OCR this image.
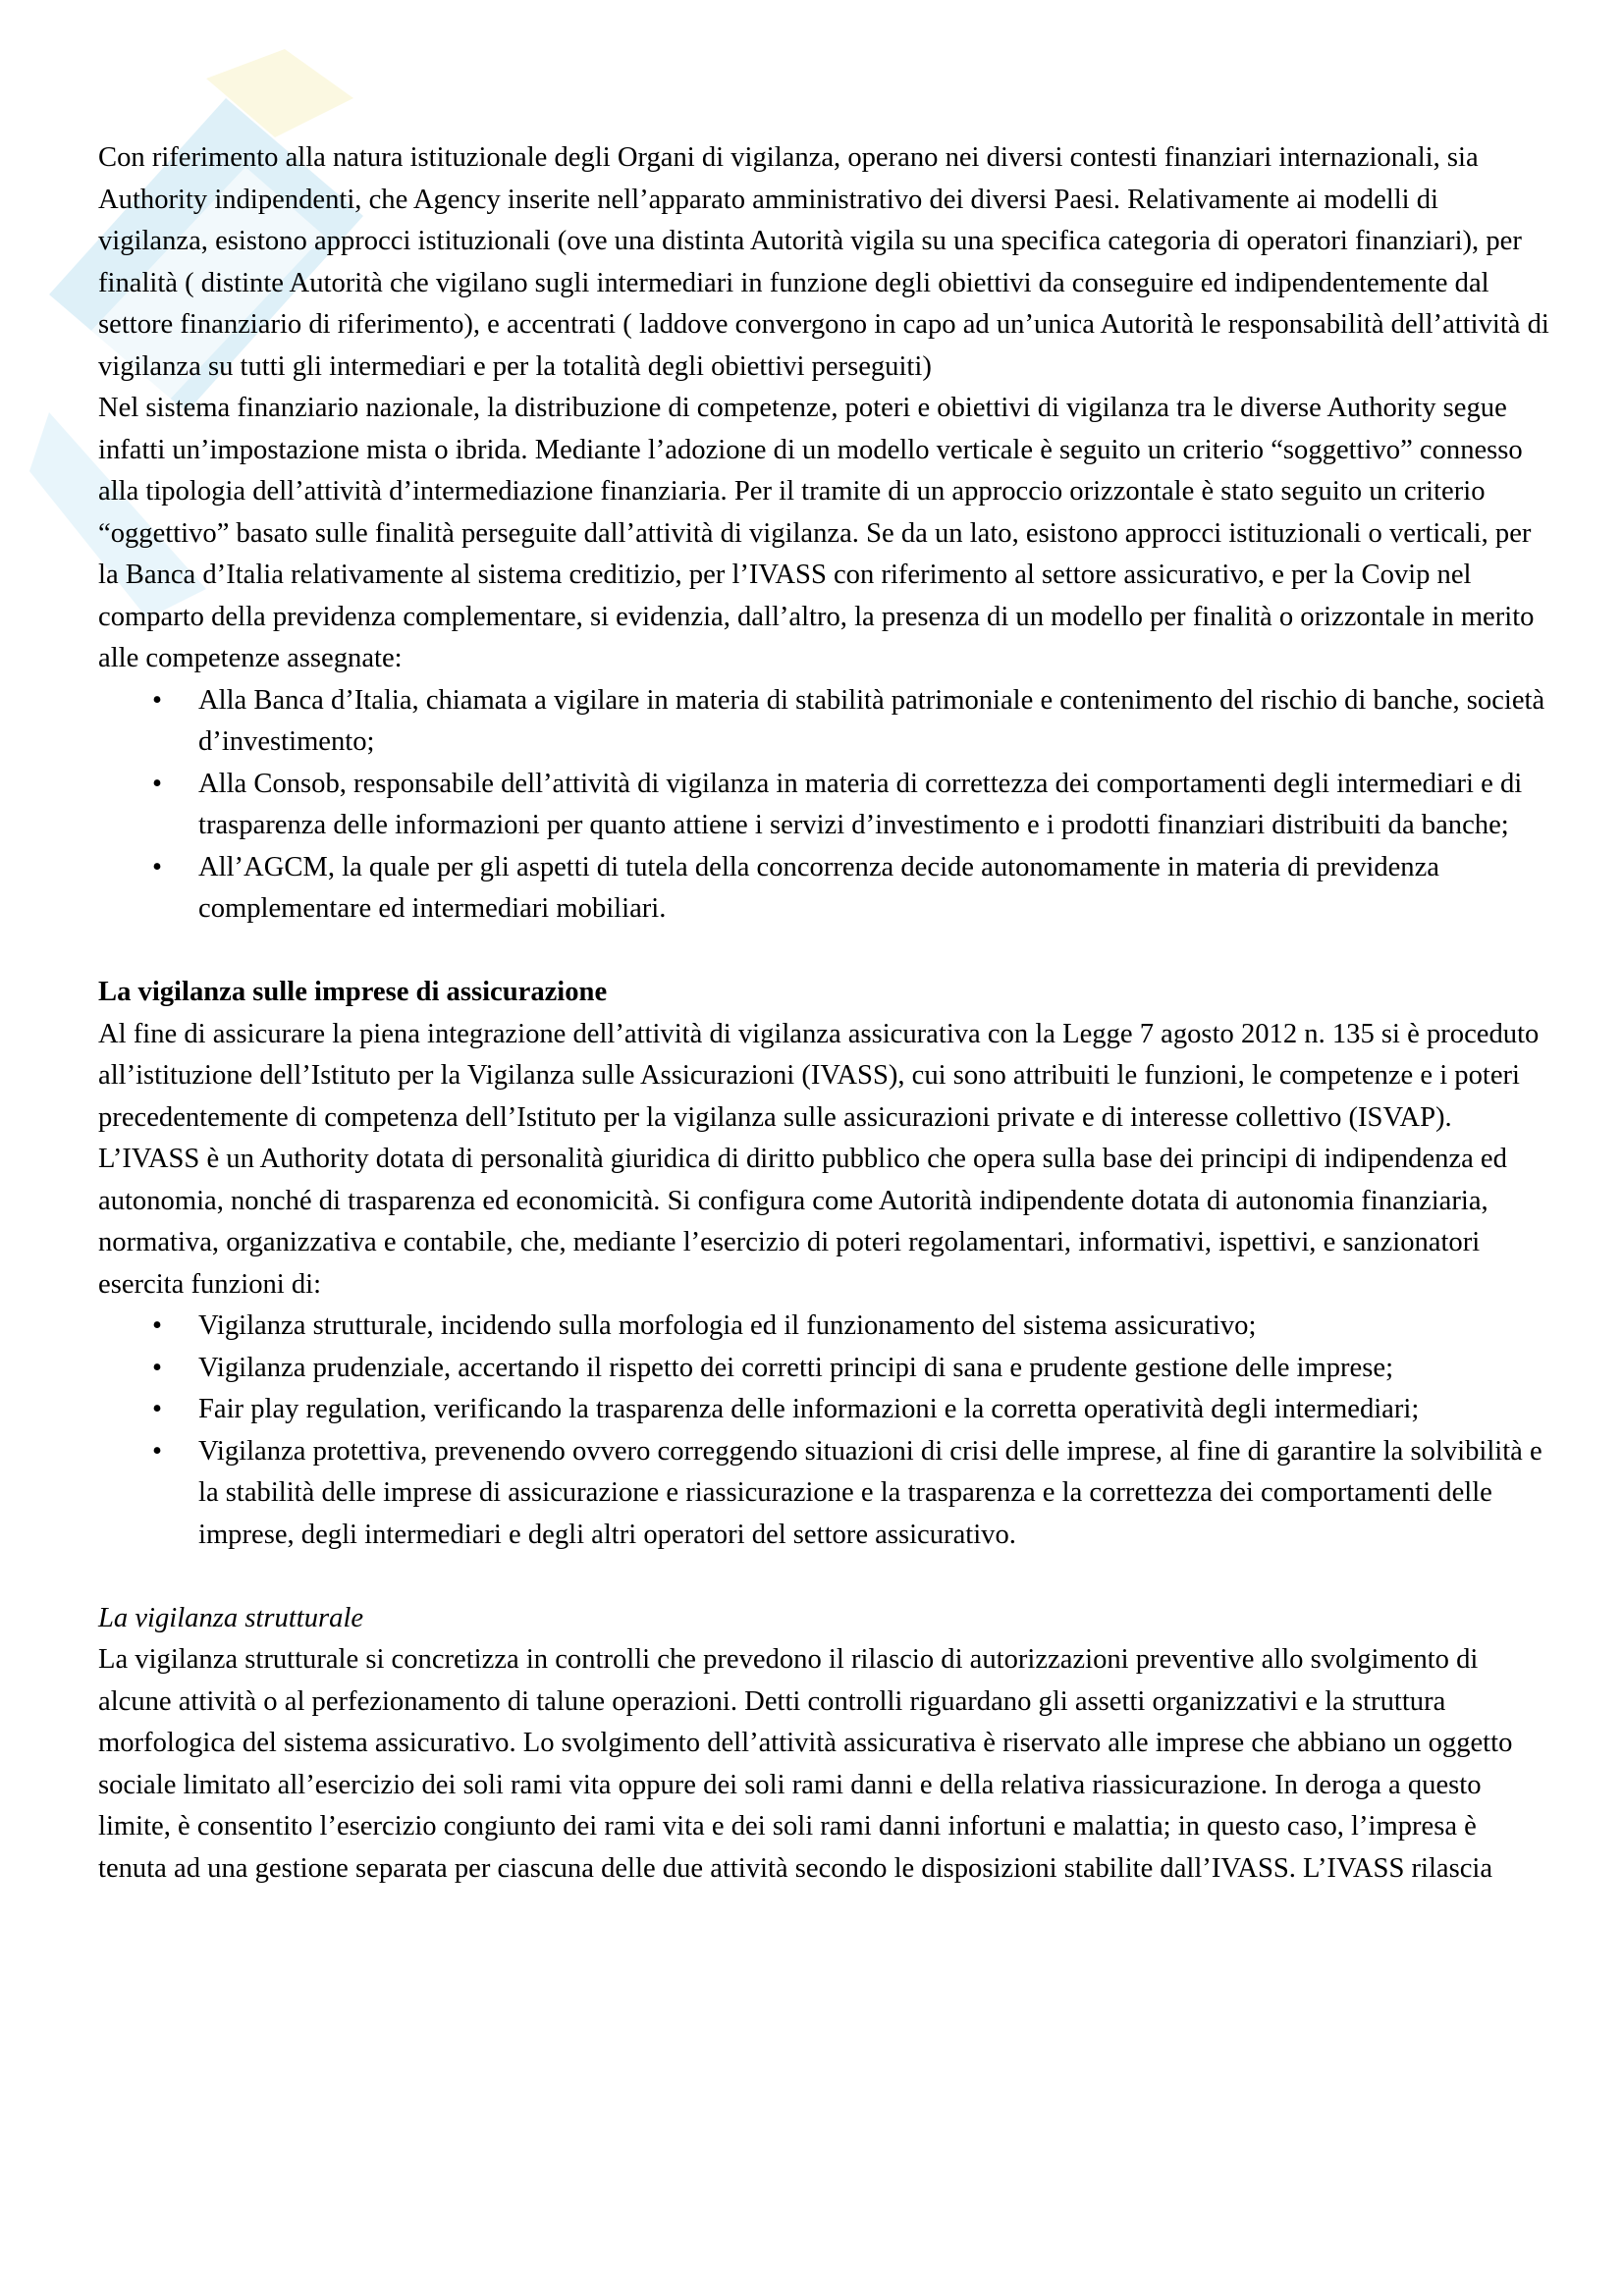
Con riferimento alla natura istituzionale degli Organi di vigilanza, operano nei diversi contesti finanziari internazionali, sia Authority indipendenti, che Agency inserite nell’apparato amministrativo dei diversi Paesi. Relativamente ai modelli di vigilanza, esistono approcci istituzionali (ove una distinta Autorità vigila su una specifica categoria di operatori finanziari), per finalità ( distinte Autorità che vigilano sugli intermediari in funzione degli obiettivi da conseguire ed indipendentemente dal settore finanziario di riferimento), e accentrati ( laddove convergono in capo ad un’unica Autorità le responsabilità dell’attività di vigilanza su tutti gli intermediari e per la totalità degli obiettivi perseguiti)

Nel sistema finanziario nazionale, la distribuzione di competenze, poteri e obiettivi di vigilanza tra le diverse Authority segue infatti un’impostazione mista o ibrida. Mediante l’adozione di un modello verticale è seguito un criterio “soggettivo” connesso alla tipologia dell’attività d’intermediazione finanziaria. Per il tramite di un approccio orizzontale è stato seguito un criterio “oggettivo” basato sulle finalità perseguite dall’attività di vigilanza. Se da un lato, esistono approcci istituzionali o verticali, per la Banca d’Italia relativamente al sistema creditizio, per l’IVASS con riferimento al settore assicurativo, e per la Covip nel comparto della previdenza complementare, si evidenzia, dall’altro, la presenza di un modello per finalità o orizzontale in merito alle competenze assegnate:

• Alla Banca d’Italia, chiamata a vigilare in materia di stabilità patrimoniale e contenimento del rischio di banche, società d’investimento;
• Alla Consob, responsabile dell’attività di vigilanza in materia di correttezza dei comportamenti degli intermediari e di trasparenza delle informazioni per quanto attiene i servizi d’investimento e i prodotti finanziari distribuiti da banche;
• All’AGCM, la quale per gli aspetti di tutela della concorrenza decide autonomamente in materia di previdenza complementare ed intermediari mobiliari.

La vigilanza sulle imprese di assicurazione

Al fine di assicurare la piena integrazione dell’attività di vigilanza assicurativa con la Legge 7 agosto 2012 n. 135 si è proceduto all’istituzione dell’Istituto per la Vigilanza sulle Assicurazioni (IVASS), cui sono attribuiti le funzioni, le competenze e i poteri precedentemente di competenza dell’Istituto per la vigilanza sulle assicurazioni private e di interesse collettivo (ISVAP).

L’IVASS è un Authority dotata di personalità giuridica di diritto pubblico che opera sulla base dei principi di indipendenza ed autonomia, nonché di trasparenza ed economicità. Si configura come Autorità indipendente dotata di autonomia finanziaria, normativa, organizzativa e contabile, che, mediante l’esercizio di poteri regolamentari, informativi, ispettivi, e sanzionatori esercita funzioni di:

• Vigilanza strutturale, incidendo sulla morfologia ed il funzionamento del sistema assicurativo;
• Vigilanza prudenziale, accertando il rispetto dei corretti principi di sana e prudente gestione delle imprese;
• Fair play regulation, verificando la trasparenza delle informazioni e la corretta operatività degli intermediari;
• Vigilanza protettiva, prevenendo ovvero correggendo situazioni di crisi delle imprese, al fine di garantire la solvibilità e la stabilità delle imprese di assicurazione e riassicurazione e la trasparenza e la correttezza dei comportamenti delle imprese, degli intermediari e degli altri operatori del settore assicurativo.

La vigilanza strutturale

La vigilanza strutturale si concretizza in controlli che prevedono il rilascio di autorizzazioni preventive allo svolgimento di alcune attività o al perfezionamento di talune operazioni. Detti controlli riguardano gli assetti organizzativi e la struttura morfologica del sistema assicurativo. Lo svolgimento dell’attività assicurativa è riservato alle imprese che abbiano un oggetto sociale limitato all’esercizio dei soli rami vita oppure dei soli rami danni e della relativa riassicurazione. In deroga a questo limite, è consentito l’esercizio congiunto dei rami vita e dei soli rami danni infortuni e malattia; in questo caso, l’impresa è tenuta ad una gestione separata per ciascuna delle due attività secondo le disposizioni stabilite dall’IVASS. L’IVASS rilascia
